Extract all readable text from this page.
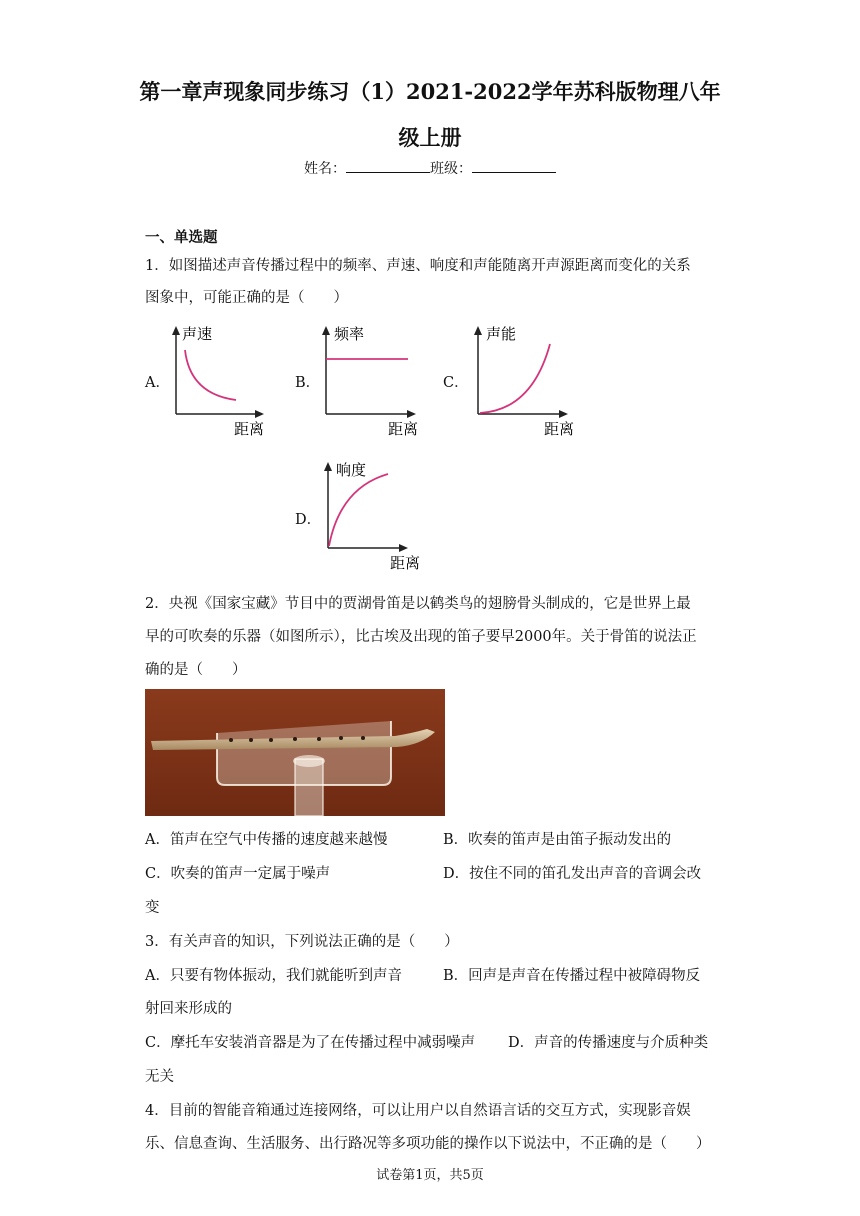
第一章声现象同步练习（1）2021-2022学年苏科版物理八年
级上册
姓名：	班级：
一、单选题
1．如图描述声音传播过程中的频率、声速、响度和声能随离开声源距离而变化的关系
图象中，可能正确的是（　　）
A．
声速
距离
B．
频率
距离
C．
声能
距离
D．
响度
距离
2．央视《国家宝藏》节目中的贾湖骨笛是以鹤类鸟的翅膀骨头制成的，它是世界上最
早的可吹奏的乐器（如图所示），比古埃及出现的笛子要早2000年。关于骨笛的说法正
确的是（　　）
A．笛声在空气中传播的速度越来越慢	B．吹奏的笛声是由笛子振动发出的
C．吹奏的笛声一定属于噪声	D．按住不同的笛孔发出声音的音调会改
变
3．有关声音的知识，下列说法正确的是（　　）
A．只要有物体振动，我们就能听到声音	B．回声是声音在传播过程中被障碍物反
射回来形成的
C．摩托车安装消音器是为了在传播过程中减弱噪声 D．声音的传播速度与介质种类
无关
4．目前的智能音箱通过连接网络，可以让用户以自然语言话的交互方式，实现影音娱
乐、信息查询、生活服务、出行路况等多项功能的操作以下说法中，不正确的是（　　）
试卷第1页，共5页
